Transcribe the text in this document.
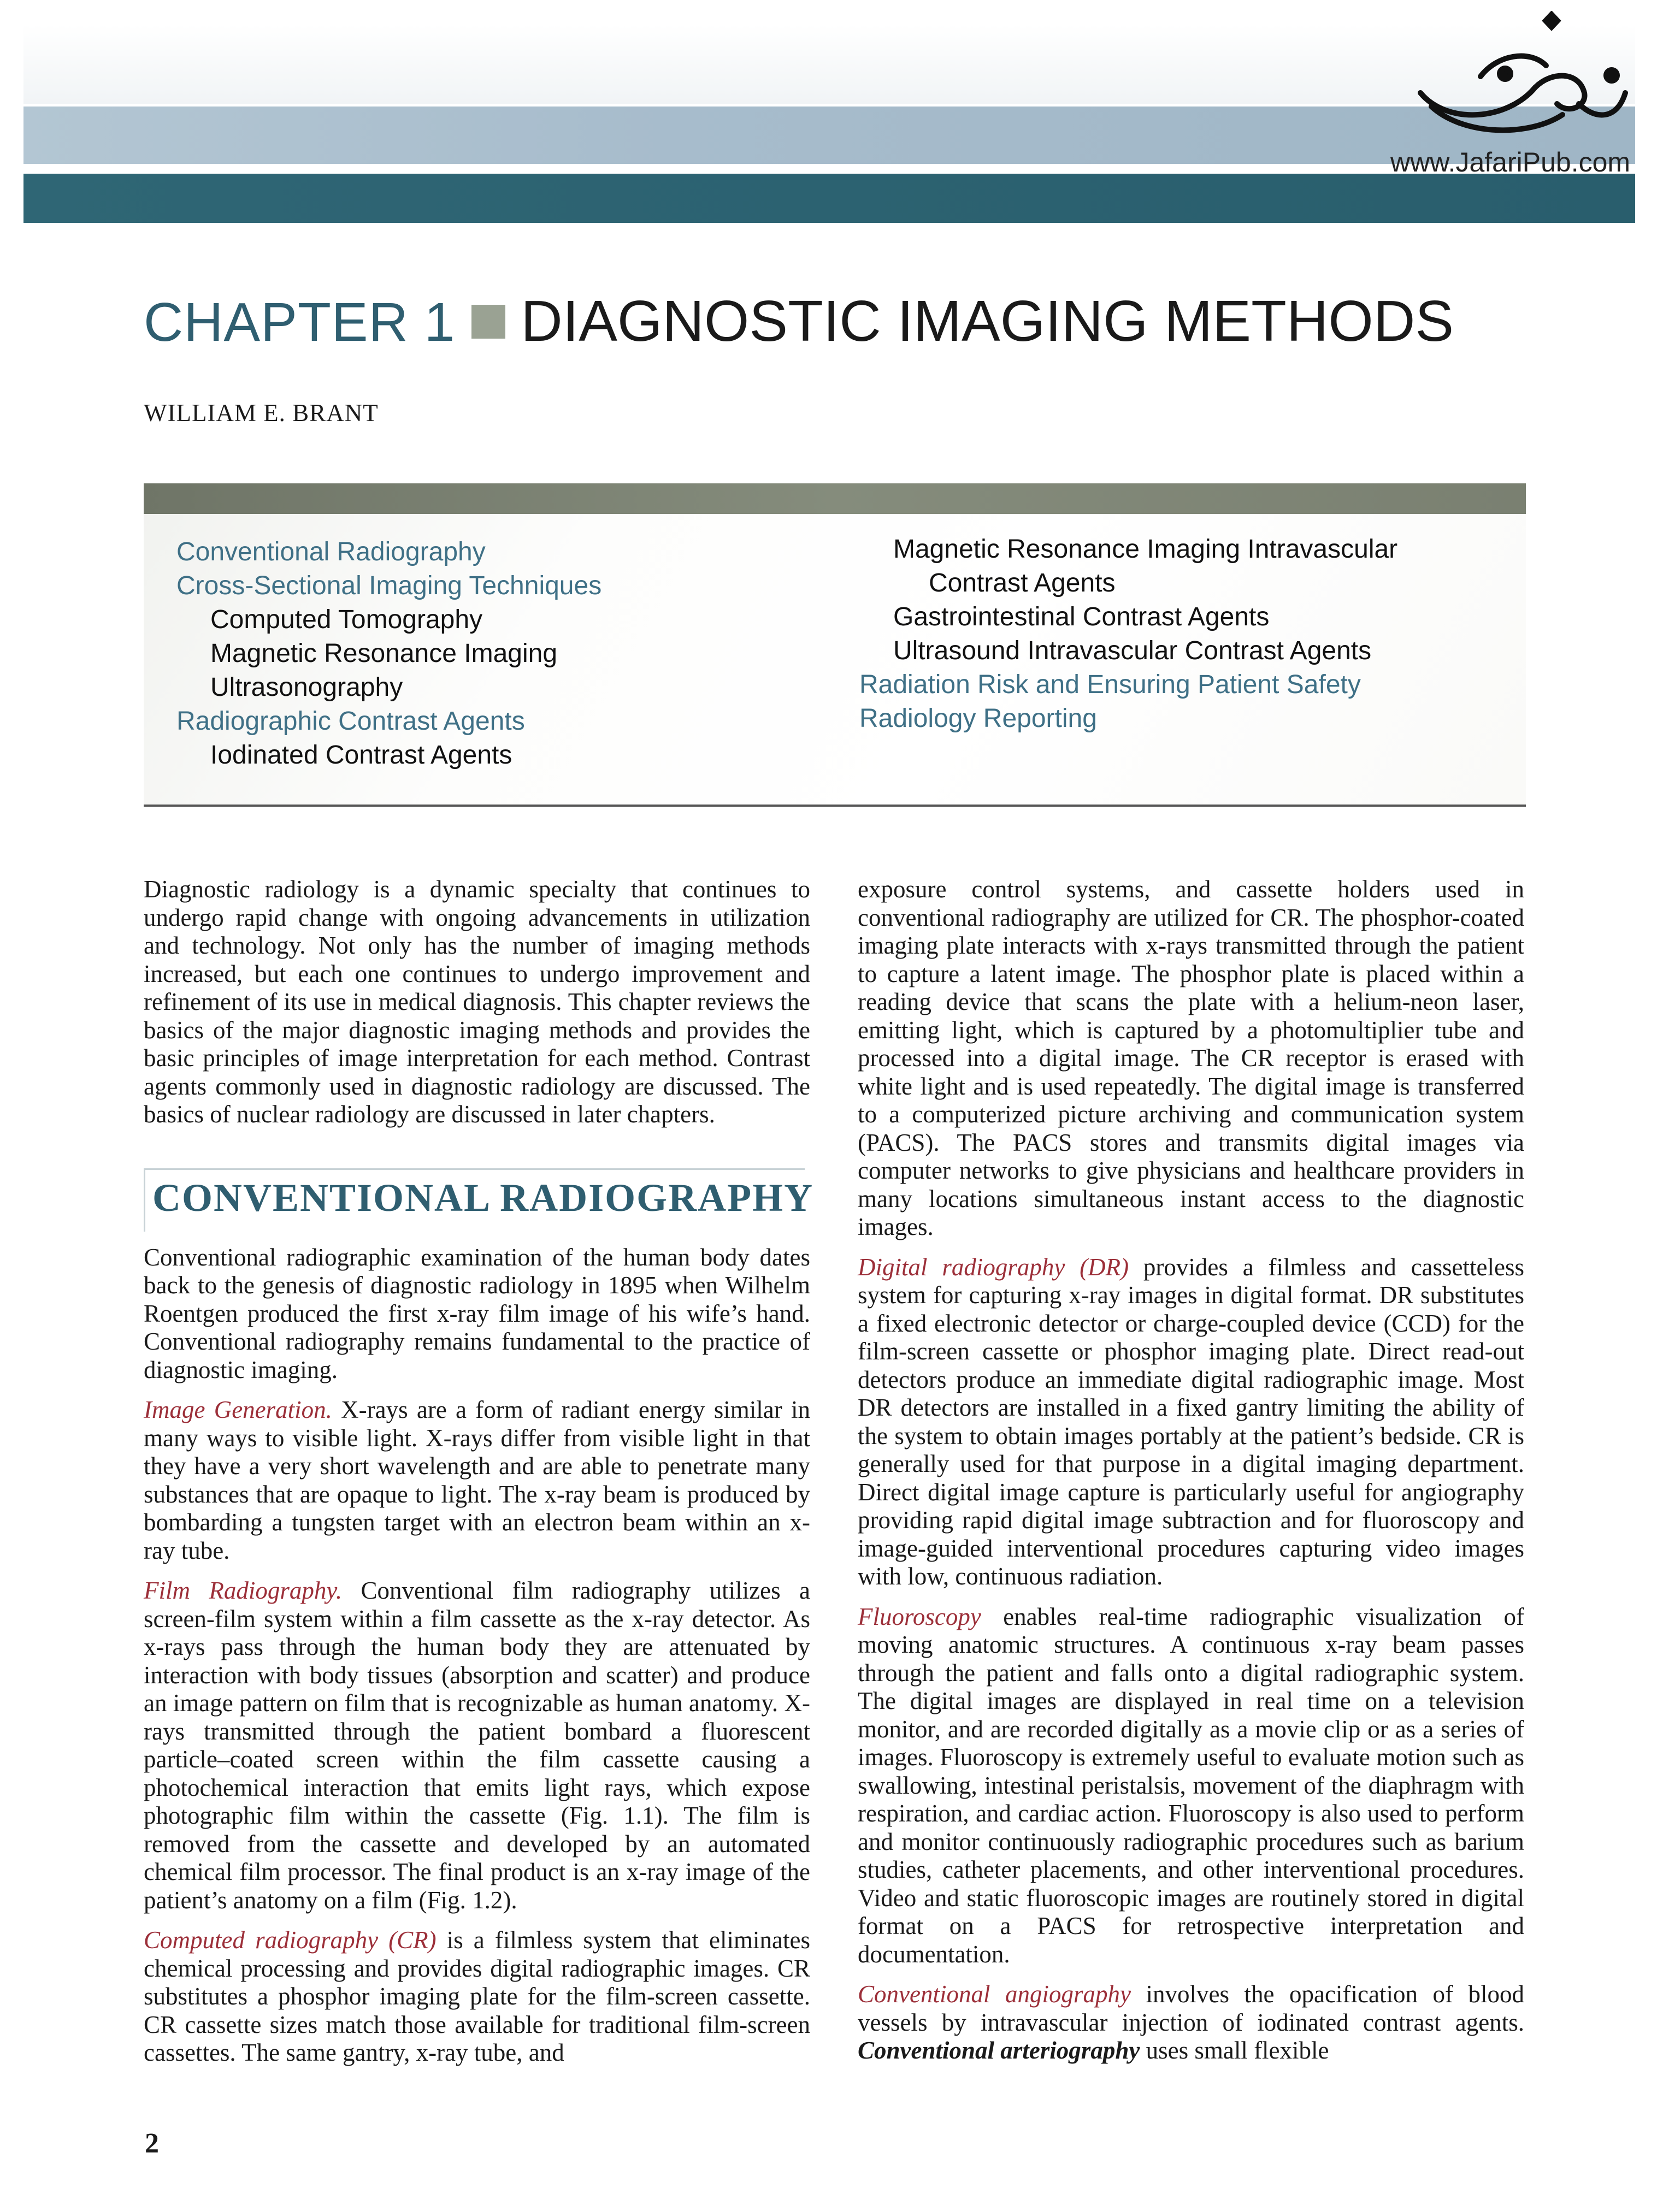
www.JafariPub.com
CHAPTER 1 DIAGNOSTIC IMAGING METHODS
WILLIAM E. BRANT
Conventional Radiography
Cross-Sectional Imaging Techniques
Computed Tomography
Magnetic Resonance Imaging
Ultrasonography
Radiographic Contrast Agents
Iodinated Contrast Agents
Magnetic Resonance Imaging Intravascular
Contrast Agents
Gastrointestinal Contrast Agents
Ultrasound Intravascular Contrast Agents
Radiation Risk and Ensuring Patient Safety
Radiology Reporting

Diagnostic radiology is a dynamic specialty that continues to undergo rapid change with ongoing advancements in utilization and technology. Not only has the number of imaging methods increased, but each one continues to undergo improvement and refinement of its use in medical diagnosis. This chapter reviews the basics of the major diagnostic imaging methods and provides the basic principles of image interpretation for each method. Contrast agents commonly used in diagnostic radiology are discussed. The basics of nuclear radiology are discussed in later chapters.

CONVENTIONAL RADIOGRAPHY

Conventional radiographic examination of the human body dates back to the genesis of diagnostic radiology in 1895 when Wilhelm Roentgen produced the first x-ray film image of his wife’s hand. Conventional radiography remains fundamental to the practice of diagnostic imaging.

Image Generation. X-rays are a form of radiant energy similar in many ways to visible light. X-rays differ from visible light in that they have a very short wavelength and are able to penetrate many substances that are opaque to light. The x-ray beam is produced by bombarding a tungsten target with an electron beam within an x-ray tube.

Film Radiography. Conventional film radiography utilizes a screen-film system within a film cassette as the x-ray detector. As x-rays pass through the human body they are attenuated by interaction with body tissues (absorption and scatter) and produce an image pattern on film that is recognizable as human anatomy. X-rays transmitted through the patient bombard a fluorescent particle–coated screen within the film cassette causing a photochemical interaction that emits light rays, which expose photographic film within the cassette (Fig. 1.1). The film is removed from the cassette and developed by an automated chemical film processor. The final product is an x-ray image of the patient’s anatomy on a film (Fig. 1.2).

Computed radiography (CR) is a filmless system that eliminates chemical processing and provides digital radiographic images. CR substitutes a phosphor imaging plate for the film-screen cassette. CR cassette sizes match those available for traditional film-screen cassettes. The same gantry, x-ray tube, and

exposure control systems, and cassette holders used in conventional radiography are utilized for CR. The phosphor-coated imaging plate interacts with x-rays transmitted through the patient to capture a latent image. The phosphor plate is placed within a reading device that scans the plate with a helium-neon laser, emitting light, which is captured by a photomultiplier tube and processed into a digital image. The CR receptor is erased with white light and is used repeatedly. The digital image is transferred to a computerized picture archiving and communication system (PACS). The PACS stores and transmits digital images via computer networks to give physicians and healthcare providers in many locations simultaneous instant access to the diagnostic images.

Digital radiography (DR) provides a filmless and cassetteless system for capturing x-ray images in digital format. DR substitutes a fixed electronic detector or charge-coupled device (CCD) for the film-screen cassette or phosphor imaging plate. Direct read-out detectors produce an immediate digital radiographic image. Most DR detectors are installed in a fixed gantry limiting the ability of the system to obtain images portably at the patient’s bedside. CR is generally used for that purpose in a digital imaging department. Direct digital image capture is particularly useful for angiography providing rapid digital image subtraction and for fluoroscopy and image-guided interventional procedures capturing video images with low, continuous radiation.

Fluoroscopy enables real-time radiographic visualization of moving anatomic structures. A continuous x-ray beam passes through the patient and falls onto a digital radiographic system. The digital images are displayed in real time on a television monitor, and are recorded digitally as a movie clip or as a series of images. Fluoroscopy is extremely useful to evaluate motion such as swallowing, intestinal peristalsis, movement of the diaphragm with respiration, and cardiac action. Fluoroscopy is also used to perform and monitor continuously radiographic procedures such as barium studies, catheter placements, and other interventional procedures. Video and static fluoroscopic images are routinely stored in digital format on a PACS for retrospective interpretation and documentation.

Conventional angiography involves the opacification of blood vessels by intravascular injection of iodinated contrast agents. Conventional arteriography uses small flexible

2
